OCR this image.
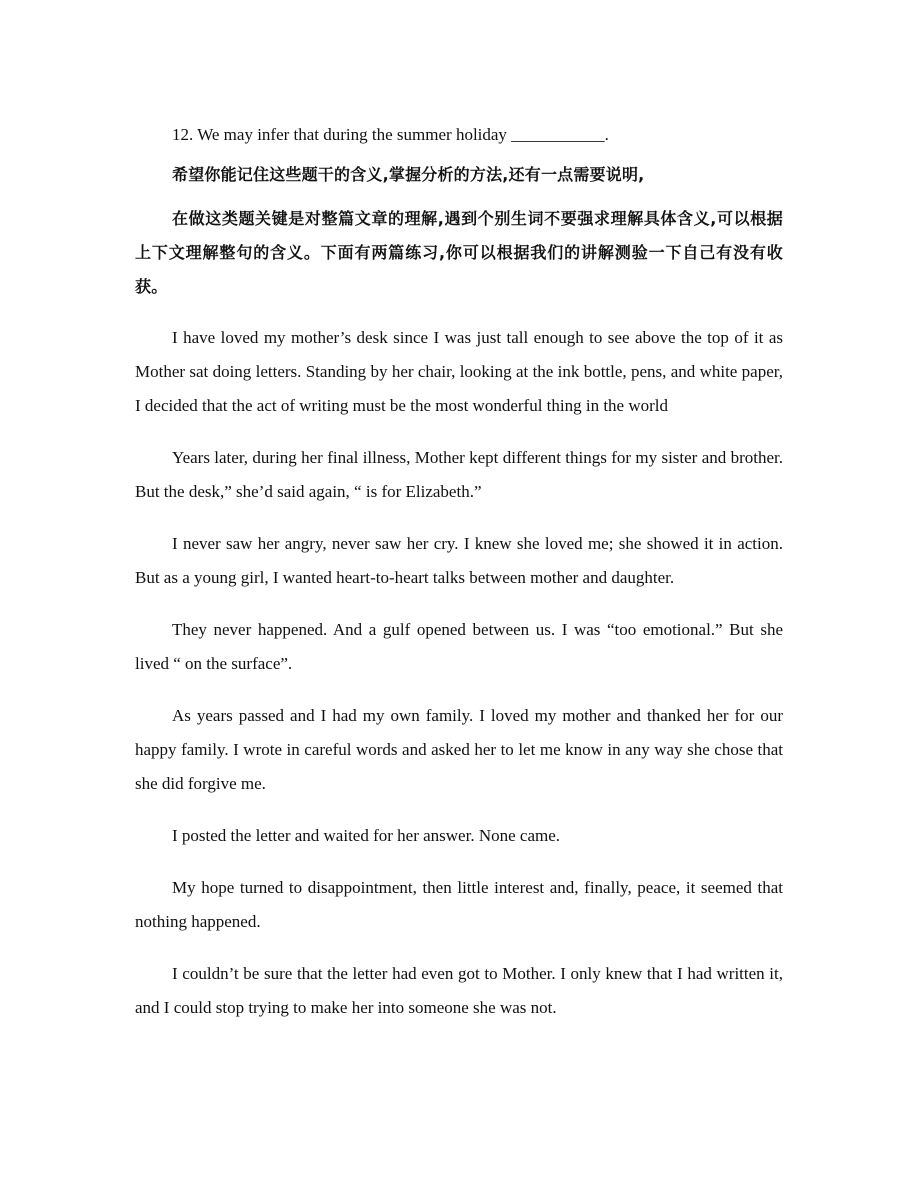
12. We may infer that during the summer holiday ___________.

希望你能记住这些题干的含义,掌握分析的方法,还有一点需要说明,

在做这类题关键是对整篇文章的理解,遇到个别生词不要强求理解具体含义,可以根据上下文理解整句的含义。下面有两篇练习,你可以根据我们的讲解测验一下自己有没有收获。

I have loved my mother’s desk since I was just tall enough to see above the top of it as Mother sat doing letters. Standing by her chair, looking at the ink bottle, pens, and white paper, I decided that the act of writing must be the most wonderful thing in the world

Years later, during her final illness, Mother kept different things for my sister and brother. But the desk,” she’d said again, “ is for Elizabeth.”

I never saw her angry, never saw her cry. I knew she loved me; she showed it in action. But as a young girl, I wanted heart-to-heart talks between mother and daughter.

They never happened. And a gulf opened between us. I was “too emotional.” But she lived “ on the surface”.

As years passed and I had my own family. I loved my mother and thanked her for our happy family. I wrote in careful words and asked her to let me know in any way she chose that she did forgive me.

I posted the letter and waited for her answer. None came.

My hope turned to disappointment, then little interest and, finally, peace, it seemed that nothing happened.

I couldn’t be sure that the letter had even got to Mother. I only knew that I had written it, and I could stop trying to make her into someone she was not.
